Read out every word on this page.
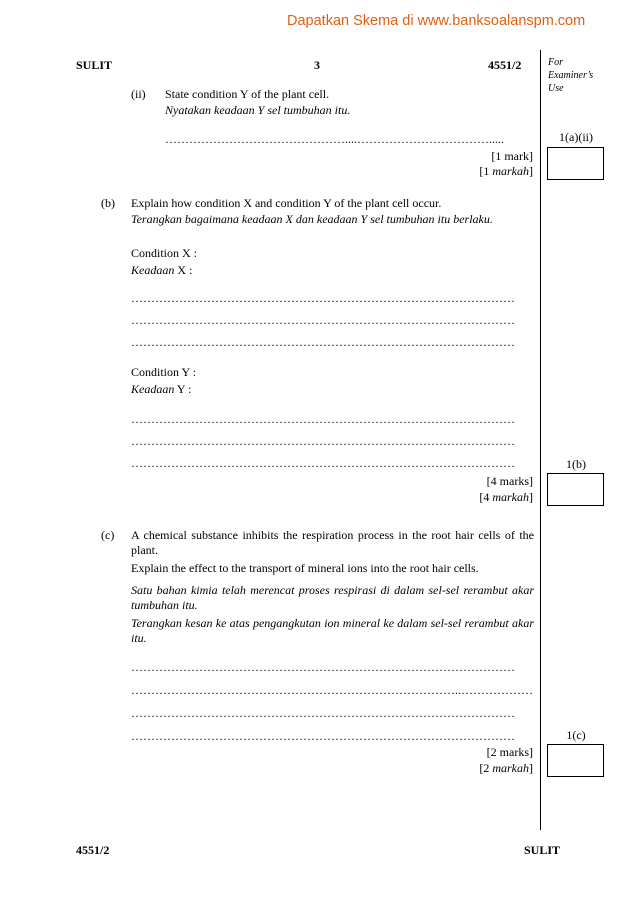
Dapatkan Skema di www.banksoalanspm.com
SULIT	3	4551/2	For
Examiner’s
Use
(ii) State condition Y of the plant cell.
Nyatakan keadaan Y sel tumbuhan itu.
………………………………………....…………………………….....
[1 mark]
[1 markah]
1(a)(ii)
(b) Explain how condition X and condition Y of the plant cell occur.
Terangkan bagaimana keadaan X dan keadaan Y sel tumbuhan itu berlaku.
Condition X :
Keadaan X :
……………………………………………………………………………………
……………………………………………………………………………………
……………………………………………………………………………………
Condition Y :
Keadaan Y :
……………………………………………………………………………………
……………………………………………………………………………………
……………………………………………………………………………………
[4 marks]
[4 markah]
1(b)
(c) A chemical substance inhibits the respiration process in the root hair cells of the plant.
Explain the effect to the transport of mineral ions into the root hair cells.
Satu bahan kimia telah merencat proses respirasi di dalam sel-sel rerambut akar tumbuhan itu.
Terangkan kesan ke atas pengangkutan ion mineral ke dalam sel-sel rerambut akar itu.
……………………………………………………………………………………
………………………………………………………………………..………………
……………………………………………………………………………………
……………………………………………………………………………………
[2 marks]
[2 markah]
1(c)
4551/2	SULIT
